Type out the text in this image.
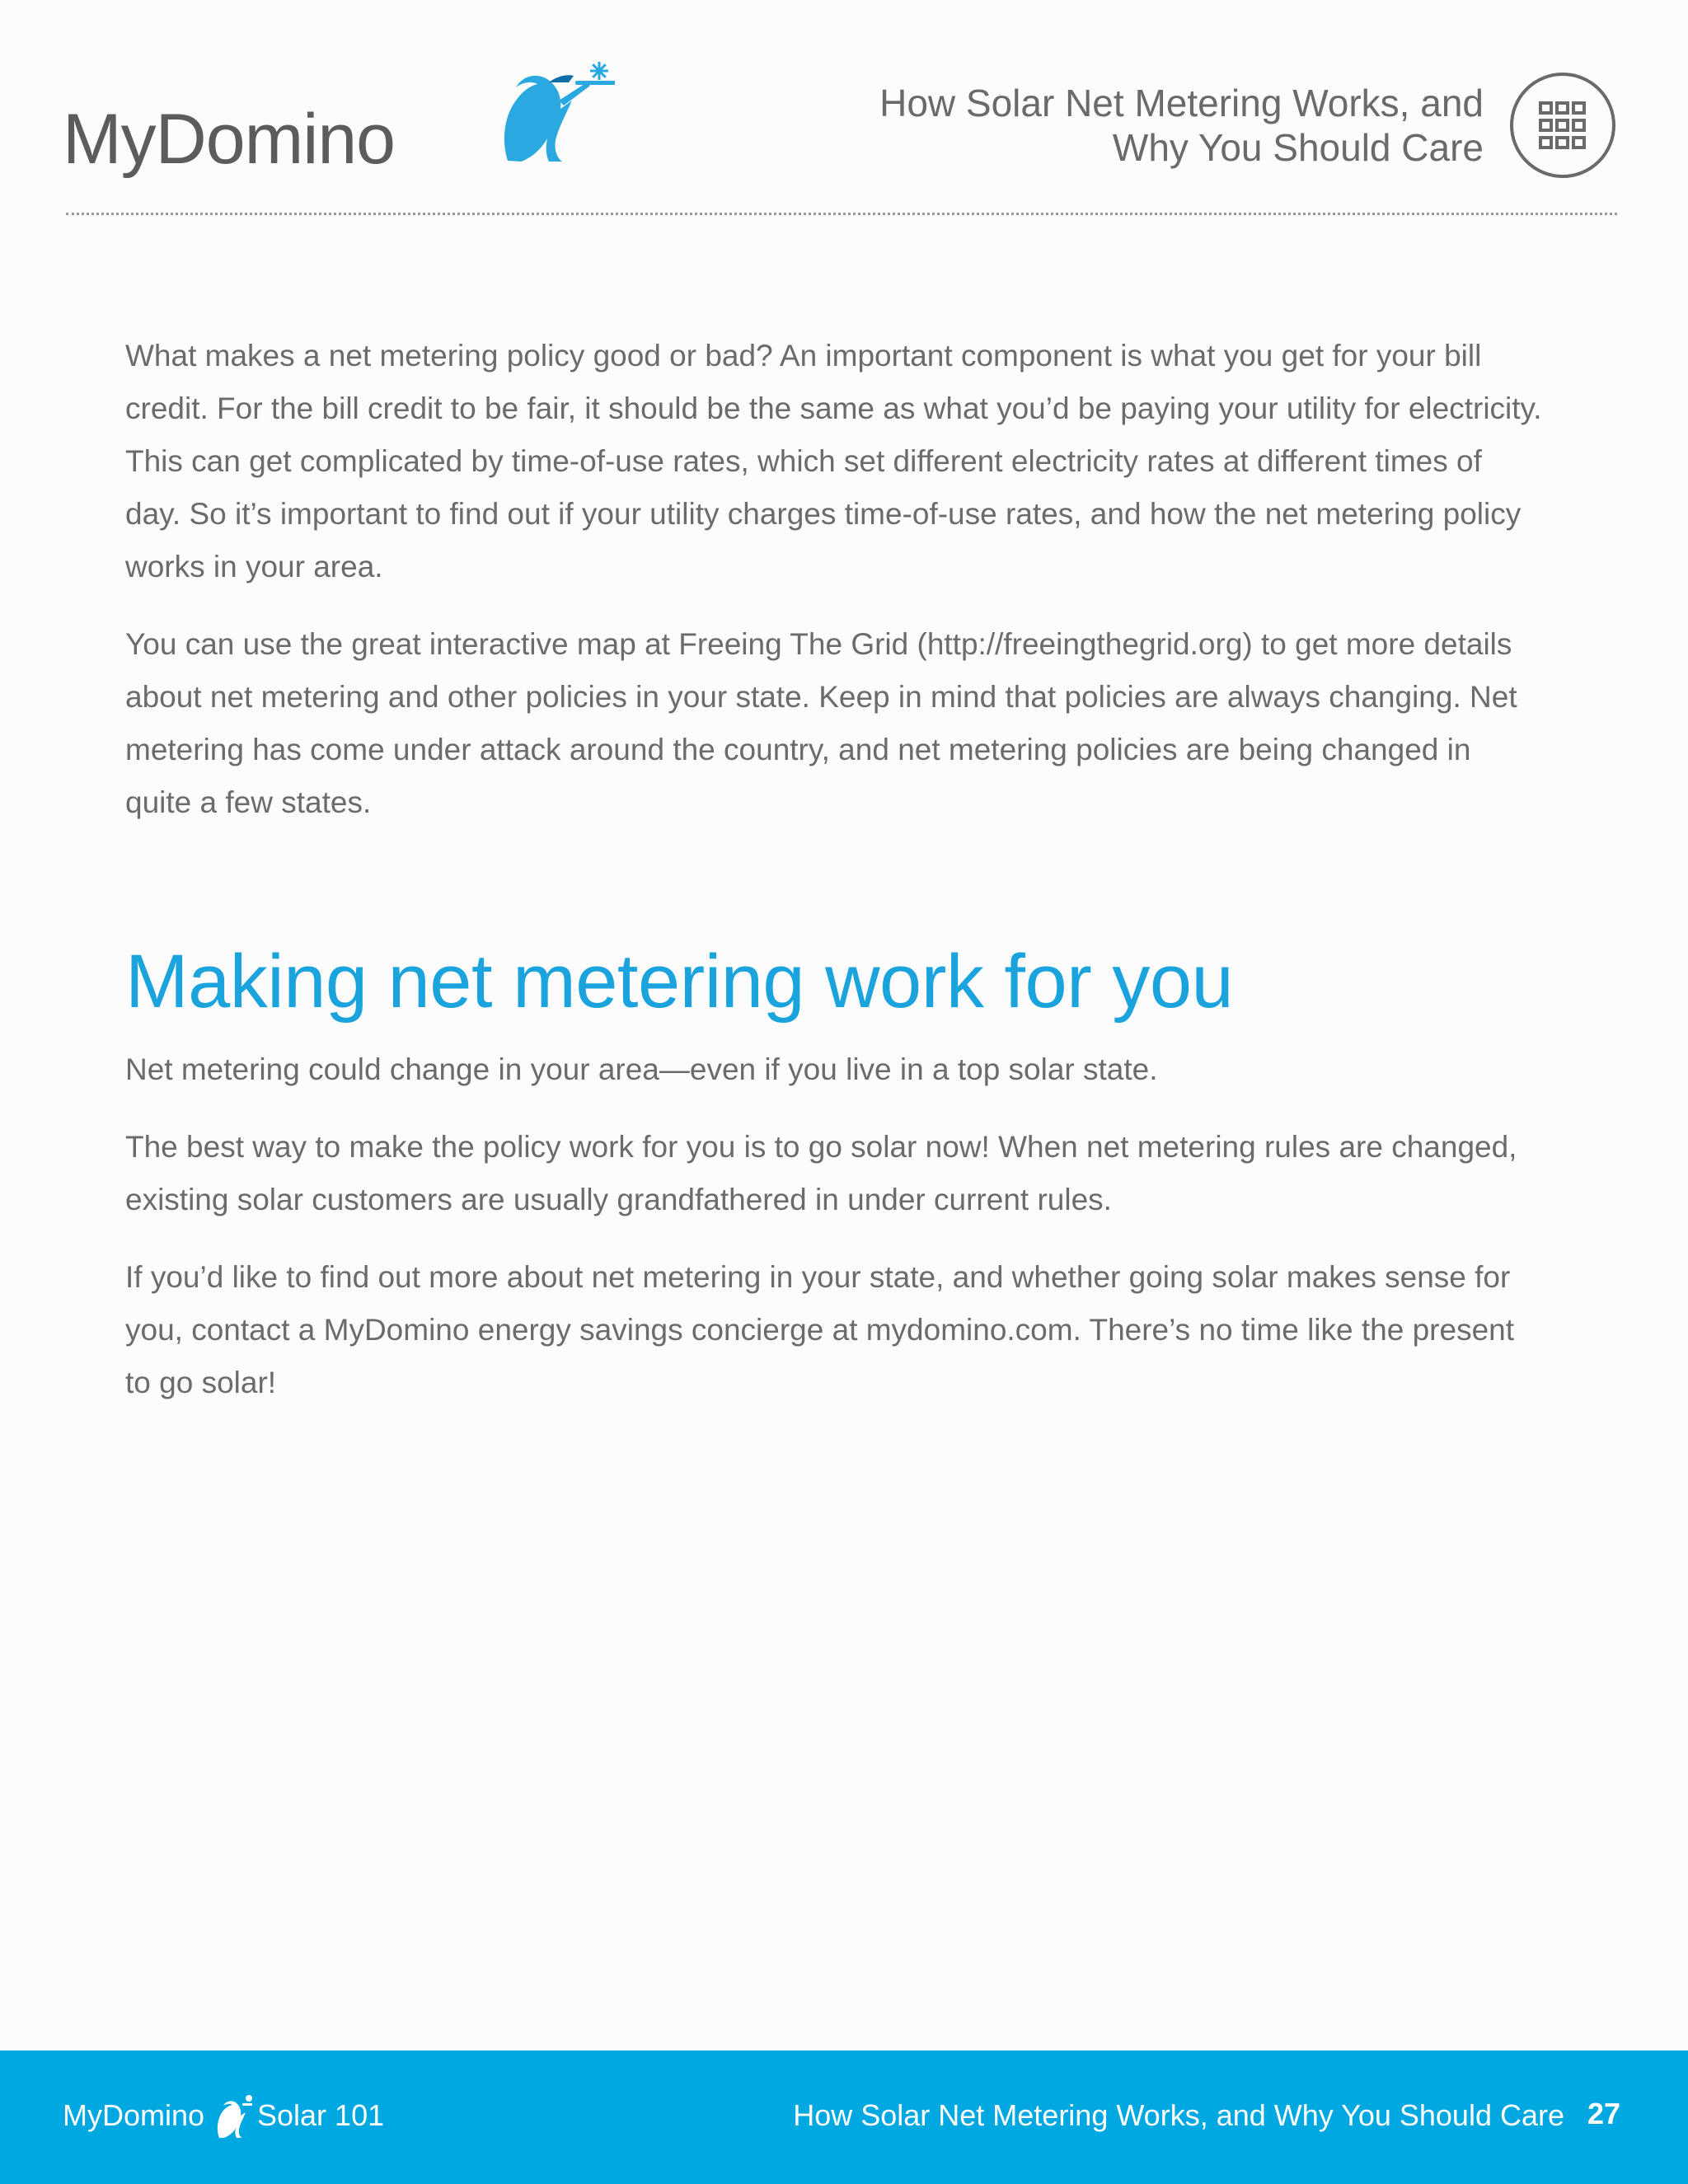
MyDomino	How Solar Net Metering Works, and
Why You Should Care

What makes a net metering policy good or bad? An important component is what you get for your bill credit. For the bill credit to be fair, it should be the same as what you’d be paying your utility for electricity. This can get complicated by time-of-use rates, which set different electricity rates at different times of day. So it’s important to find out if your utility charges time-of-use rates, and how the net metering policy works in your area.

You can use the great interactive map at Freeing The Grid (http://freeingthegrid.org) to get more details about net metering and other policies in your state. Keep in mind that policies are always changing. Net metering has come under attack around the country, and net metering policies are being changed in quite a few states.

Making net metering work for you

Net metering could change in your area—even if you live in a top solar state.

The best way to make the policy work for you is to go solar now! When net metering rules are changed, existing solar customers are usually grandfathered in under current rules.

If you’d like to find out more about net metering in your state, and whether going solar makes sense for you, contact a MyDomino energy savings concierge at mydomino.com. There’s no time like the present to go solar!

MyDomino Solar 101	How Solar Net Metering Works, and Why You Should Care 27
